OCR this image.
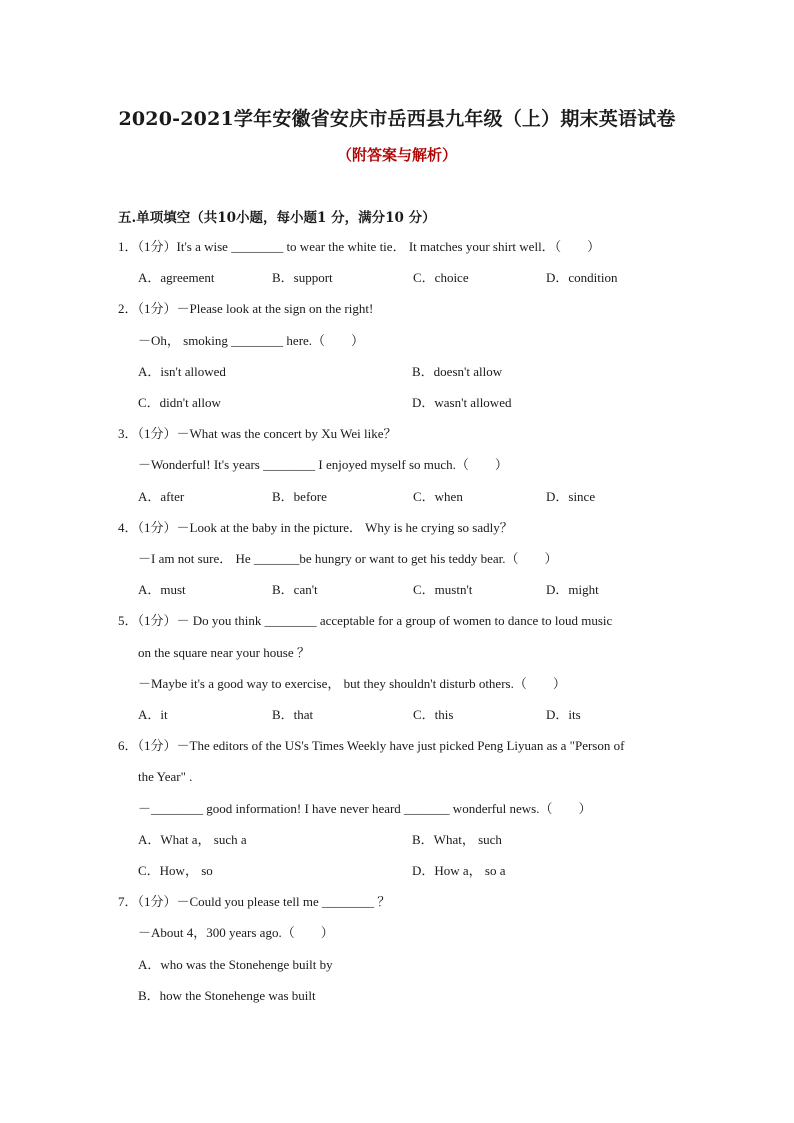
2020-2021学年安徽省安庆市岳西县九年级（上）期末英语试卷
（附答案与解析）
五.单项填空（共10小题，每小题1 分，满分10 分）
1．（1分）It's a wise ________ to wear the white tie． It matches your shirt well．（　　）
A．agreement	B．support	C．choice	D．condition
2．（1分）－Please look at the sign on the right!
－Oh， smoking ________ here.（　　）
A．isn't allowed	B．doesn't allow
C．didn't allow	D．wasn't allowed
3．（1分）－What was the concert by Xu Wei like？
－Wonderful! It's years ________ I enjoyed myself so much.（　　）
A．after	B．before	C．when	D．since
4．（1分）－Look at the baby in the picture． Why is he crying so sadly？
－I am not sure． He _______be hungry or want to get his teddy bear.（　　）
A．must	B．can't	C．mustn't	D．might
5．（1分）－ Do you think ________ acceptable for a group of women to dance to loud music
on the square near your house ？
－Maybe it's a good way to exercise， but they shouldn't disturb others.（　　）
A．it	B．that	C．this	D．its
6．（1分）－The editors of the US's Times Weekly have just picked Peng Liyuan as a "Person of
the Year" .
－________ good information! I have never heard _______ wonderful news.（　　）
A．What a， such a	B．What， such
C．How， so	D．How a， so a
7．（1分）－Could you please tell me ________ ？
－About 4，300 years ago.（　　）
A．who was the Stonehenge built by
B．how the Stonehenge was built
